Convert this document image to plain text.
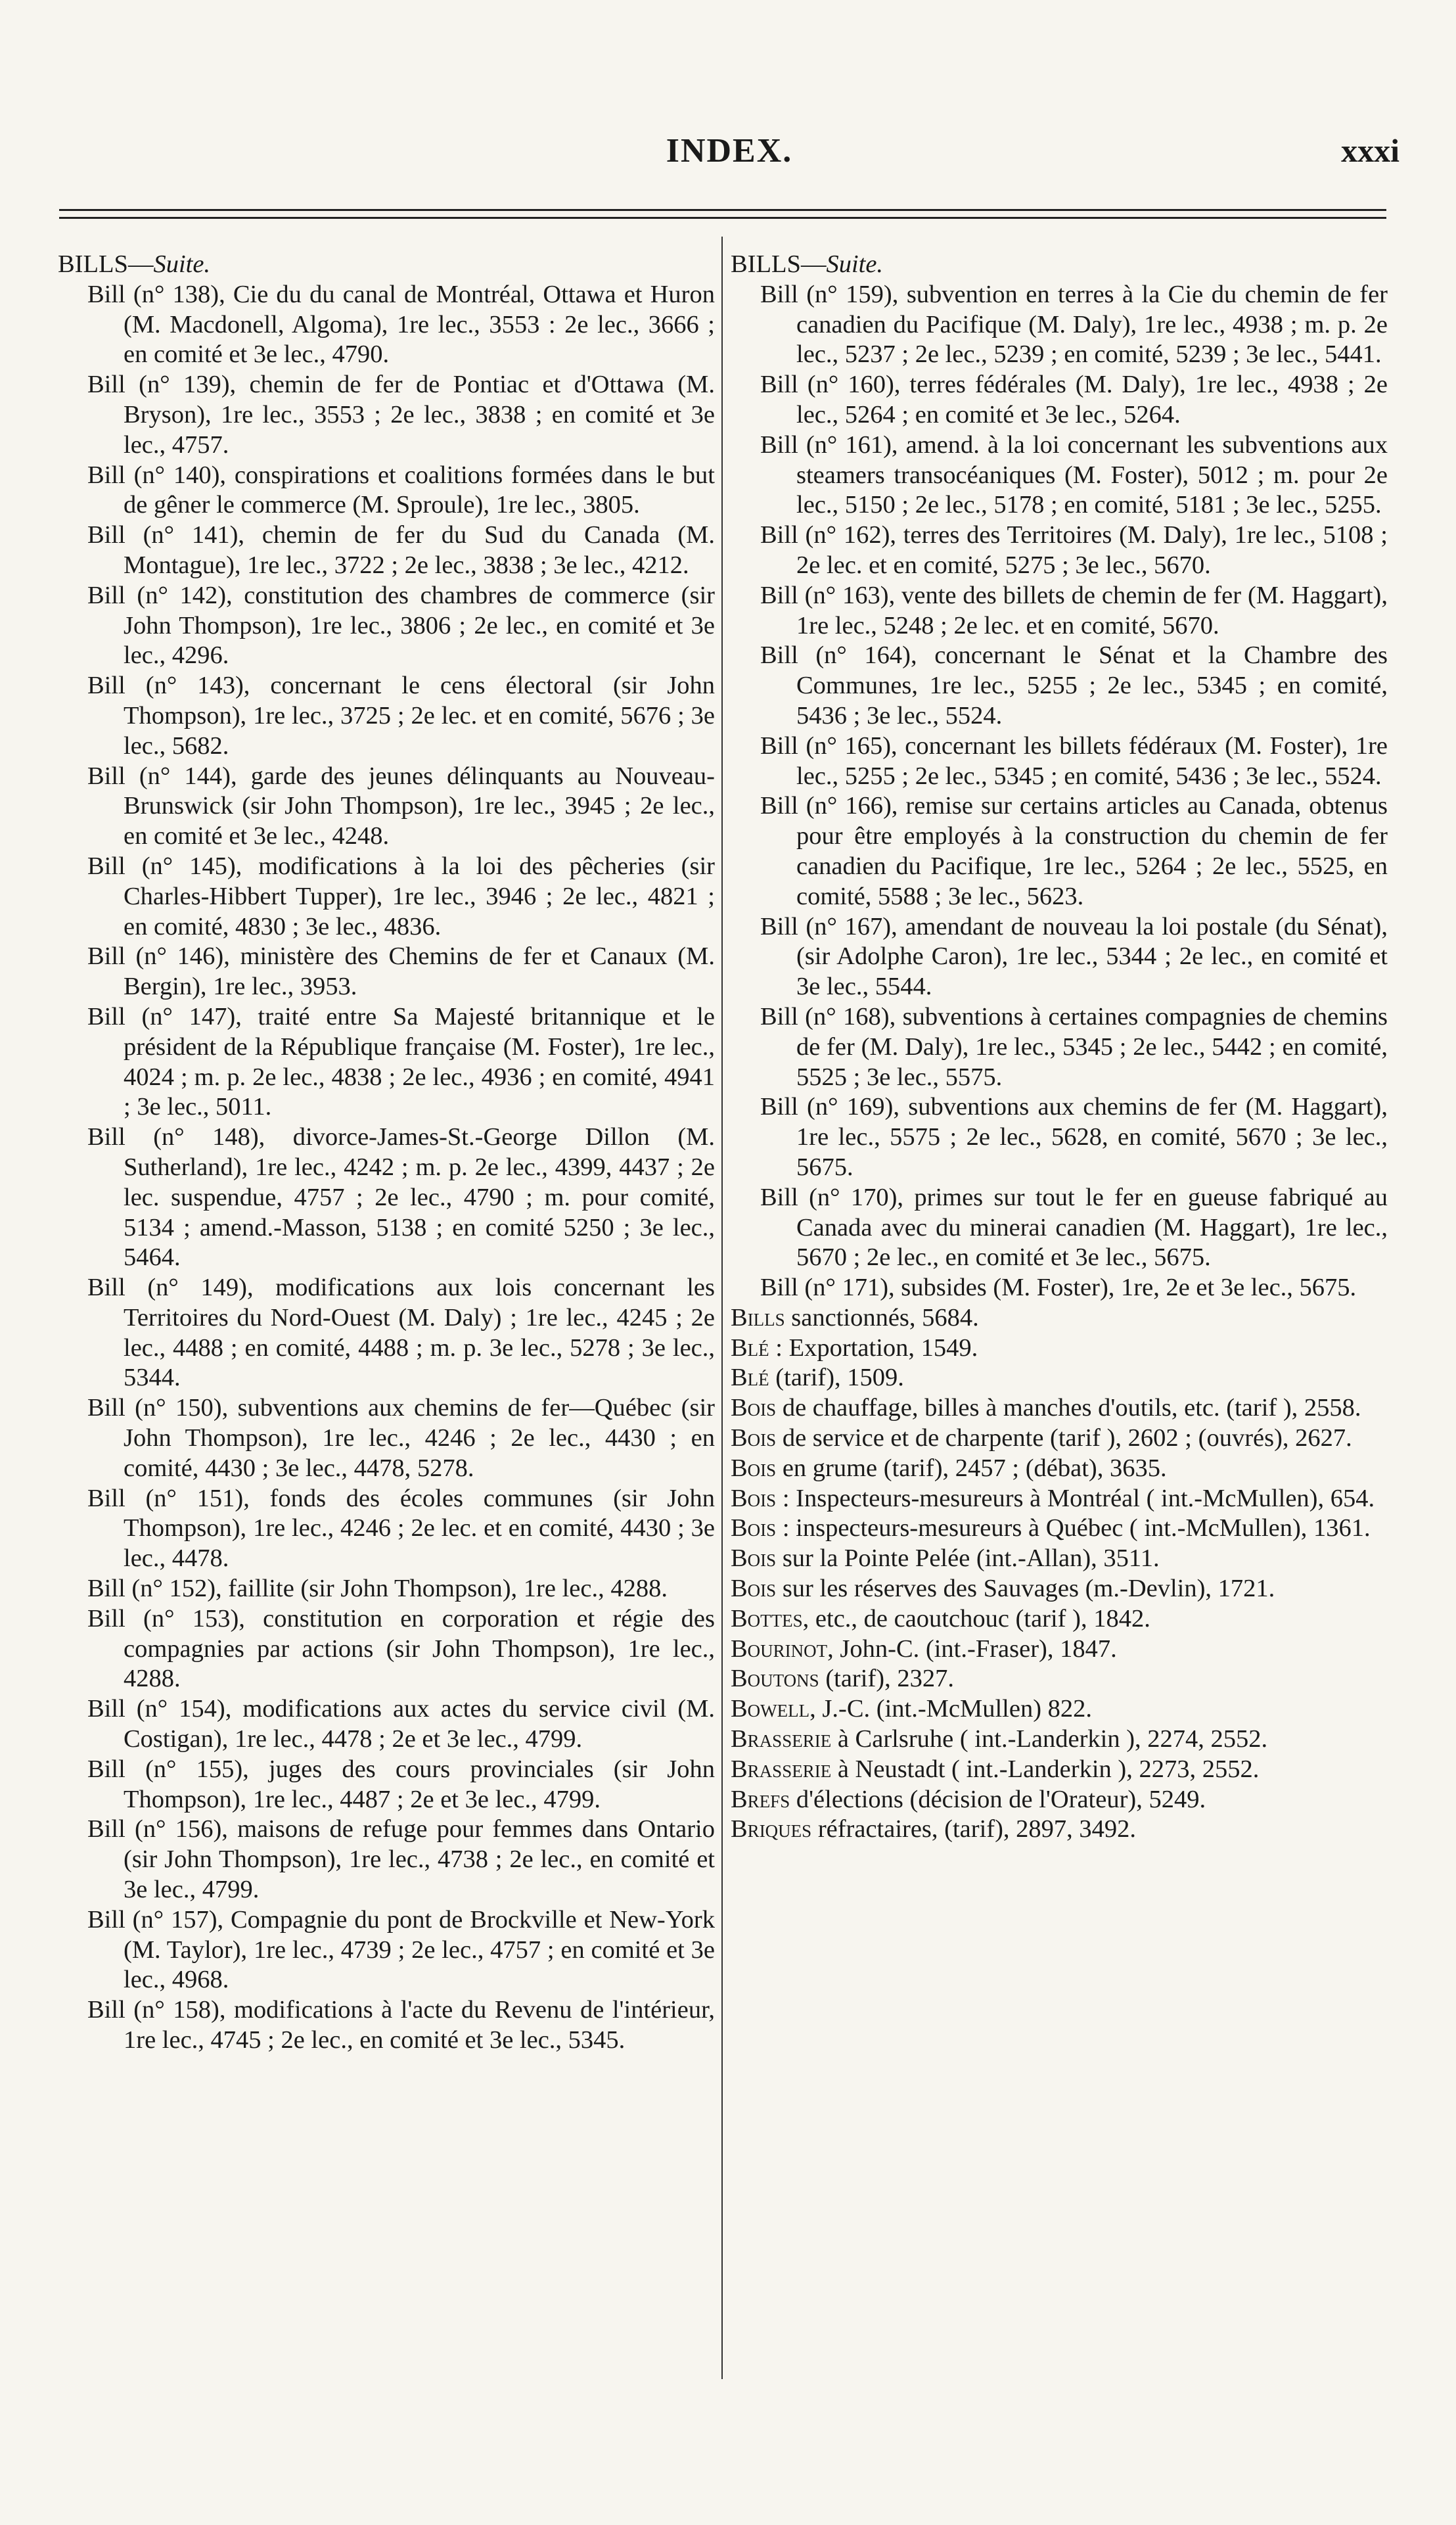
INDEX.	xxxi

BILLS—Suite.

Bill (n° 138), Cie du du canal de Montréal, Ottawa et Huron (M. Macdonell, Algoma), 1re lec., 3553 : 2e lec., 3666 ; en comité et 3e lec., 4790.

Bill (n° 139), chemin de fer de Pontiac et d'Ottawa (M. Bryson), 1re lec., 3553 ; 2e lec., 3838 ; en comité et 3e lec., 4757.

Bill (n° 140), conspirations et coalitions formées dans le but de gêner le commerce (M. Sproule), 1re lec., 3805.

Bill (n° 141), chemin de fer du Sud du Canada (M. Montague), 1re lec., 3722 ; 2e lec., 3838 ; 3e lec., 4212.

Bill (n° 142), constitution des chambres de commerce (sir John Thompson), 1re lec., 3806 ; 2e lec., en comité et 3e lec., 4296.

Bill (n° 143), concernant le cens électoral (sir John Thompson), 1re lec., 3725 ; 2e lec. et en comité, 5676 ; 3e lec., 5682.

Bill (n° 144), garde des jeunes délinquants au Nouveau-Brunswick (sir John Thompson), 1re lec., 3945 ; 2e lec., en comité et 3e lec., 4248.

Bill (n° 145), modifications à la loi des pêcheries (sir Charles-Hibbert Tupper), 1re lec., 3946 ; 2e lec., 4821 ; en comité, 4830 ; 3e lec., 4836.

Bill (n° 146), ministère des Chemins de fer et Canaux (M. Bergin), 1re lec., 3953.

Bill (n° 147), traité entre Sa Majesté britannique et le président de la République française (M. Foster), 1re lec., 4024 ; m. p. 2e lec., 4838 ; 2e lec., 4936 ; en comité, 4941 ; 3e lec., 5011.

Bill (n° 148), divorce-James-St.-George Dillon (M. Sutherland), 1re lec., 4242 ; m. p. 2e lec., 4399, 4437 ; 2e lec. suspendue, 4757 ; 2e lec., 4790 ; m. pour comité, 5134 ; amend.-Masson, 5138 ; en comité 5250 ; 3e lec., 5464.

Bill (n° 149), modifications aux lois concernant les Territoires du Nord-Ouest (M. Daly) ; 1re lec., 4245 ; 2e lec., 4488 ; en comité, 4488 ; m. p. 3e lec., 5278 ; 3e lec., 5344.

Bill (n° 150), subventions aux chemins de fer—Québec (sir John Thompson), 1re lec., 4246 ; 2e lec., 4430 ; en comité, 4430 ; 3e lec., 4478, 5278.

Bill (n° 151), fonds des écoles communes (sir John Thompson), 1re lec., 4246 ; 2e lec. et en comité, 4430 ; 3e lec., 4478.

Bill (n° 152), faillite (sir John Thompson), 1re lec., 4288.

Bill (n° 153), constitution en corporation et régie des compagnies par actions (sir John Thompson), 1re lec., 4288.

Bill (n° 154), modifications aux actes du service civil (M. Costigan), 1re lec., 4478 ; 2e et 3e lec., 4799.

Bill (n° 155), juges des cours provinciales (sir John Thompson), 1re lec., 4487 ; 2e et 3e lec., 4799.

Bill (n° 156), maisons de refuge pour femmes dans Ontario (sir John Thompson), 1re lec., 4738 ; 2e lec., en comité et 3e lec., 4799.

Bill (n° 157), Compagnie du pont de Brockville et New-York (M. Taylor), 1re lec., 4739 ; 2e lec., 4757 ; en comité et 3e lec., 4968.

Bill (n° 158), modifications à l'acte du Revenu de l'intérieur, 1re lec., 4745 ; 2e lec., en comité et 3e lec., 5345.

BILLS—Suite.

Bill (n° 159), subvention en terres à la Cie du chemin de fer canadien du Pacifique (M. Daly), 1re lec., 4938 ; m. p. 2e lec., 5237 ; 2e lec., 5239 ; en comité, 5239 ; 3e lec., 5441.

Bill (n° 160), terres fédérales (M. Daly), 1re lec., 4938 ; 2e lec., 5264 ; en comité et 3e lec., 5264.

Bill (n° 161), amend. à la loi concernant les subventions aux steamers transocéaniques (M. Foster), 5012 ; m. pour 2e lec., 5150 ; 2e lec., 5178 ; en comité, 5181 ; 3e lec., 5255.

Bill (n° 162), terres des Territoires (M. Daly), 1re lec., 5108 ; 2e lec. et en comité, 5275 ; 3e lec., 5670.

Bill (n° 163), vente des billets de chemin de fer (M. Haggart), 1re lec., 5248 ; 2e lec. et en comité, 5670.

Bill (n° 164), concernant le Sénat et la Chambre des Communes, 1re lec., 5255 ; 2e lec., 5345 ; en comité, 5436 ; 3e lec., 5524.

Bill (n° 165), concernant les billets fédéraux (M. Foster), 1re lec., 5255 ; 2e lec., 5345 ; en comité, 5436 ; 3e lec., 5524.

Bill (n° 166), remise sur certains articles au Canada, obtenus pour être employés à la construction du chemin de fer canadien du Pacifique, 1re lec., 5264 ; 2e lec., 5525, en comité, 5588 ; 3e lec., 5623.

Bill (n° 167), amendant de nouveau la loi postale (du Sénat), (sir Adolphe Caron), 1re lec., 5344 ; 2e lec., en comité et 3e lec., 5544.

Bill (n° 168), subventions à certaines compagnies de chemins de fer (M. Daly), 1re lec., 5345 ; 2e lec., 5442 ; en comité, 5525 ; 3e lec., 5575.

Bill (n° 169), subventions aux chemins de fer (M. Haggart), 1re lec., 5575 ; 2e lec., 5628, en comité, 5670 ; 3e lec., 5675.

Bill (n° 170), primes sur tout le fer en gueuse fabriqué au Canada avec du minerai canadien (M. Haggart), 1re lec., 5670 ; 2e lec., en comité et 3e lec., 5675.

Bill (n° 171), subsides (M. Foster), 1re, 2e et 3e lec., 5675.

Bills sanctionnés, 5684.

Blé : Exportation, 1549.

Blé (tarif), 1509.

Bois de chauffage, billes à manches d'outils, etc. (tarif ), 2558.

Bois de service et de charpente (tarif ), 2602 ; (ouvrés), 2627.

Bois en grume (tarif), 2457 ; (débat), 3635.

Bois : Inspecteurs-mesureurs à Montréal ( int.-McMullen), 654.

Bois : inspecteurs-mesureurs à Québec ( int.-McMullen), 1361.

Bois sur la Pointe Pelée (int.-Allan), 3511.

Bois sur les réserves des Sauvages (m.-Devlin), 1721.

Bottes, etc., de caoutchouc (tarif ), 1842.

Bourinot, John-C. (int.-Fraser), 1847.

Boutons (tarif), 2327.

Bowell, J.-C. (int.-McMullen) 822.

Brasserie à Carlsruhe ( int.-Landerkin ), 2274, 2552.

Brasserie à Neustadt ( int.-Landerkin ), 2273, 2552.

Brefs d'élections (décision de l'Orateur), 5249.

Briques réfractaires, (tarif), 2897, 3492.
